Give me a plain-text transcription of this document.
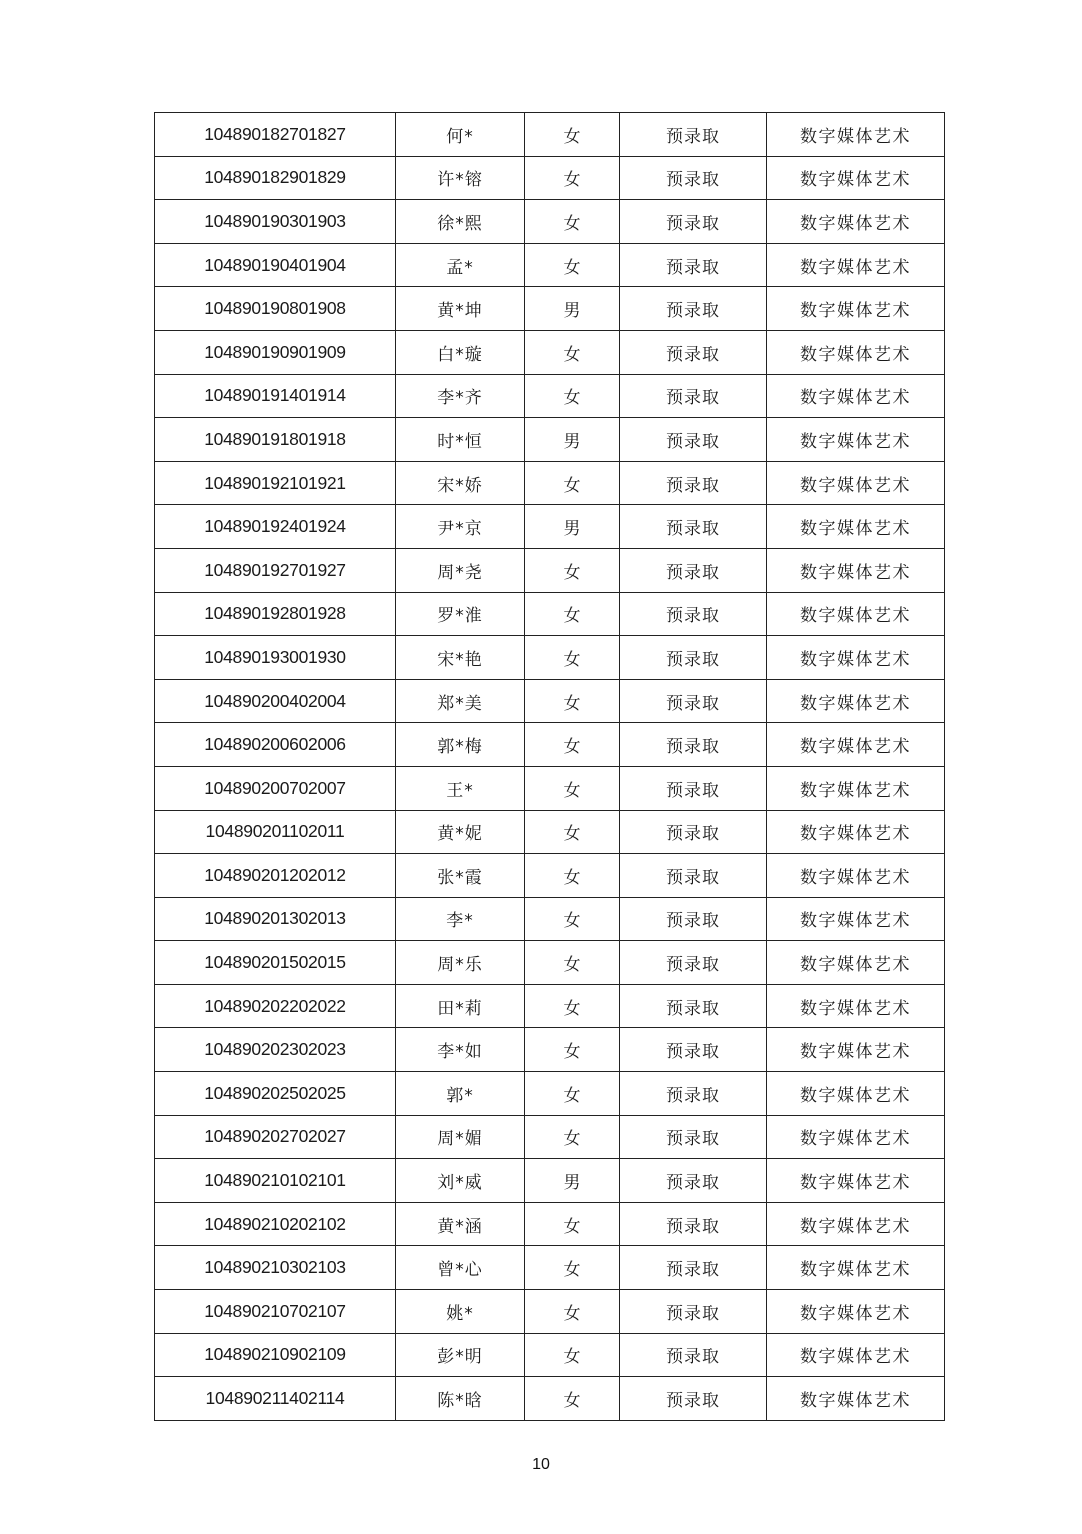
104890182701827	何*	女	预录取	数字媒体艺术
104890182901829	许*镕	女	预录取	数字媒体艺术
104890190301903	徐*熙	女	预录取	数字媒体艺术
104890190401904	孟*	女	预录取	数字媒体艺术
104890190801908	黄*坤	男	预录取	数字媒体艺术
104890190901909	白*璇	女	预录取	数字媒体艺术
104890191401914	李*齐	女	预录取	数字媒体艺术
104890191801918	时*恒	男	预录取	数字媒体艺术
104890192101921	宋*娇	女	预录取	数字媒体艺术
104890192401924	尹*京	男	预录取	数字媒体艺术
104890192701927	周*尧	女	预录取	数字媒体艺术
104890192801928	罗*淮	女	预录取	数字媒体艺术
104890193001930	宋*艳	女	预录取	数字媒体艺术
104890200402004	郑*美	女	预录取	数字媒体艺术
104890200602006	郭*梅	女	预录取	数字媒体艺术
104890200702007	王*	女	预录取	数字媒体艺术
104890201102011	黄*妮	女	预录取	数字媒体艺术
104890201202012	张*霞	女	预录取	数字媒体艺术
104890201302013	李*	女	预录取	数字媒体艺术
104890201502015	周*乐	女	预录取	数字媒体艺术
104890202202022	田*莉	女	预录取	数字媒体艺术
104890202302023	李*如	女	预录取	数字媒体艺术
104890202502025	郭*	女	预录取	数字媒体艺术
104890202702027	周*媚	女	预录取	数字媒体艺术
104890210102101	刘*威	男	预录取	数字媒体艺术
104890210202102	黄*涵	女	预录取	数字媒体艺术
104890210302103	曾*心	女	预录取	数字媒体艺术
104890210702107	姚*	女	预录取	数字媒体艺术
104890210902109	彭*明	女	预录取	数字媒体艺术
104890211402114	陈*晗	女	预录取	数字媒体艺术
10
